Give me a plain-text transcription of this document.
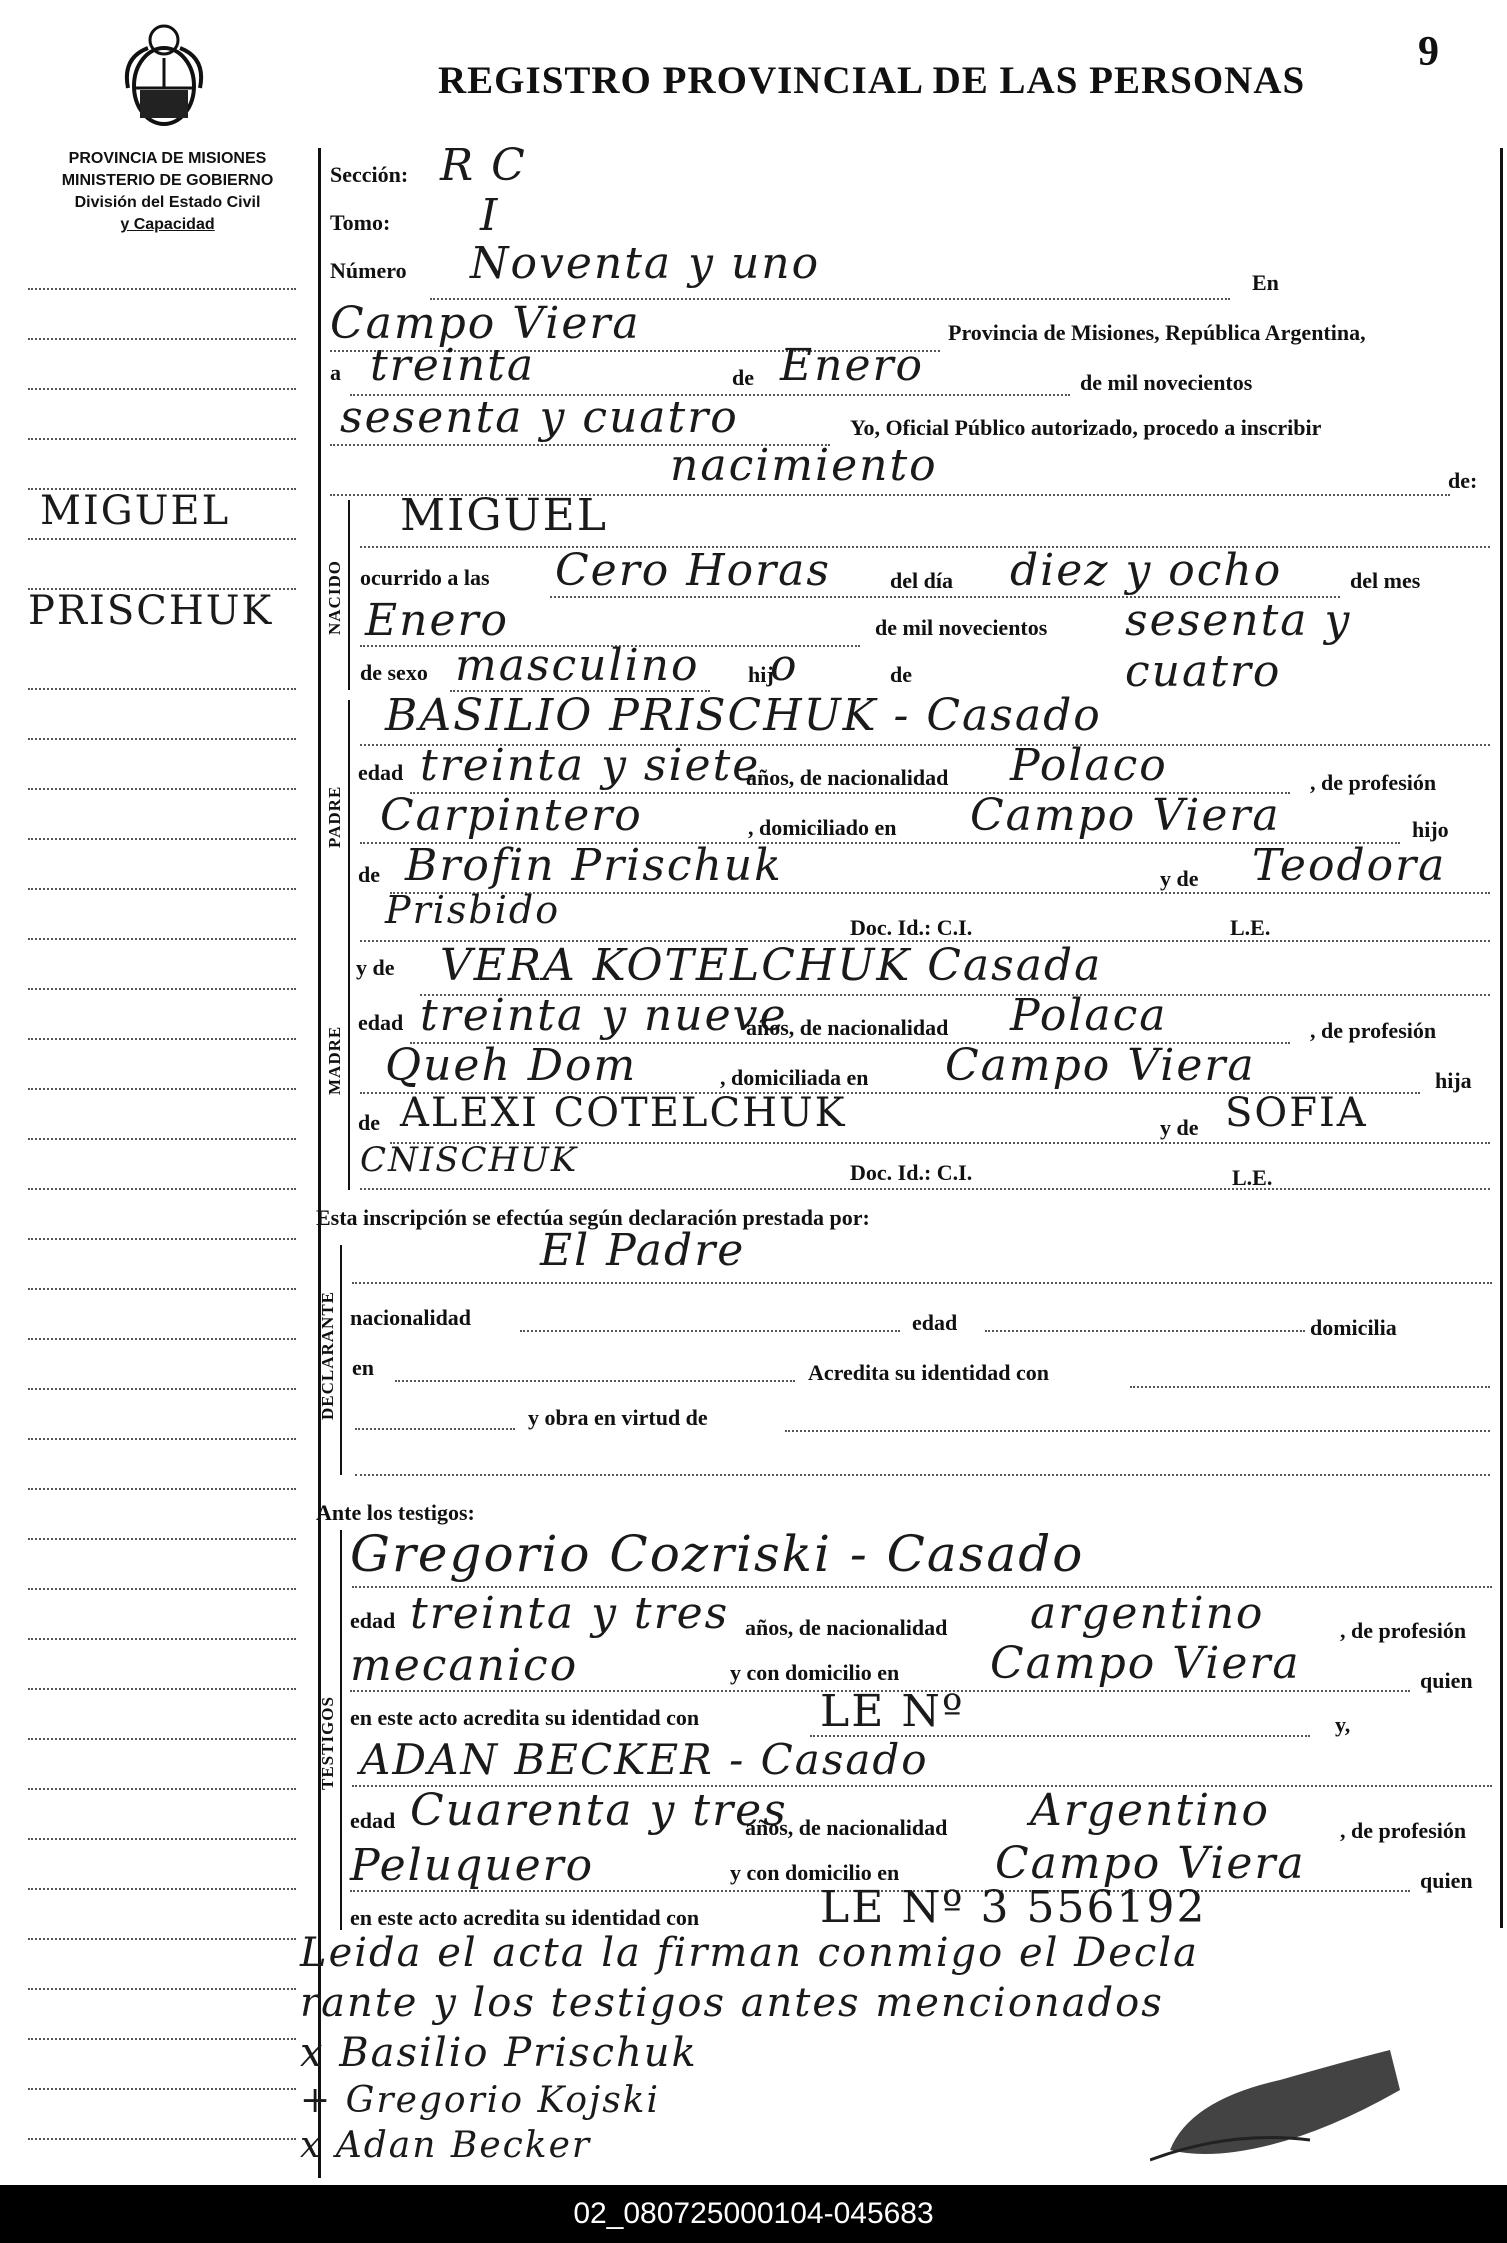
REGISTRO PROVINCIAL DE LAS PERSONAS
9
PROVINCIA DE MISIONES
MINISTERIO DE GOBIERNO
División del Estado Civil
y Capacidad
MIGUEL
PRISCHUK
Sección: R C
Tomo: I
Número Noventa y uno	En
Campo Viera	Provincia de Misiones, República Argentina,
a treinta	de Enero	de mil novecientos
sesenta y cuatro	Yo, Oficial Público autorizado, procedo a inscribir
nacimiento	de:
NACIDO
MIGUEL
ocurrido a las Cero Horas	del día diez y ocho	del mes
Enero	de mil novecientos sesenta y cuatro
de sexo masculino hij
o	de
PADRE
BASILIO PRISCHUK - Casado
edad treinta y siete
años, de nacionalidad Polaco	, de profesión
Carpintero	, domiciliado en Campo Viera	hijo
de Brofin Prischuk	y de Teodora
Prisbido	Doc. Id.: C.I.	L.E.
MADRE
y de VERA KOTELCHUK Casada
edad treinta y nueve
años, de nacionalidad Polaca	, de profesión
Queh Dom	, domiciliada en Campo Viera	hija
de ALEXI COTELCHUK	y de SOFIA
CNISCHUK	Doc. Id.: C.I.	L.E.
Esta inscripción se efectúa según declaración prestada por:
DECLARANTE
El Padre
nacionalidad	edad	domicilia
en	Acredita su identidad con
y obra en virtud de
Ante los testigos:
TESTIGOS
Gregorio Cozriski - Casado
edad treinta y tres años, de nacionalidad argentino	, de profesión
mecanico	y con domicilio en Campo Viera	quien
en este acto acredita su identidad con	LE Nº	y,
ADAN BECKER - Casado
edad Cuarenta y tres
años, de nacionalidad Argentino	, de profesión
Peluquero	y con domicilio en Campo Viera	quien
en este acto acredita su identidad con	LE Nº 3 556192
Leida el acta la firman conmigo el Decla
rante y los testigos antes mencionados
x Basilio Prischuk
+ Gregorio Kojski
x Adan Becker
02_080725000104-045683
